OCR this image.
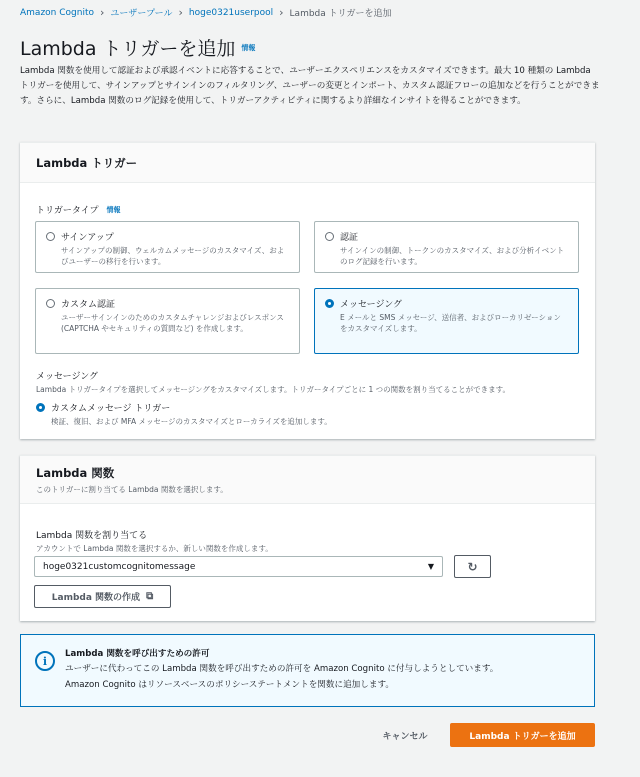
Amazon Cognito › ユーザープール › hoge0321userpool › Lambda トリガーを追加
Lambda トリガーを追加 情報
Lambda 関数を使用して認証および承認イベントに応答することで、ユーザーエクスペリエンスをカスタマイズできます。最大 10 種類の Lambda トリガーを使用して、サインアップとサインインのフィルタリング、ユーザーの変更とインポート、カスタム認証フローの追加などを行うことができます。さらに、Lambda 関数のログ記録を使用して、トリガーアクティビティに関するより詳細なインサイトを得ることができます。
Lambda トリガー
トリガータイプ 情報
サインアップ
サインアップの制御、ウェルカムメッセージのカスタマイズ、およびユーザーの移行を行います。
認証
サインインの制御、トークンのカスタマイズ、および分析イベントのログ記録を行います。
カスタム認証
ユーザーサインインのためのカスタムチャレンジおよびレスポンス (CAPTCHA やセキュリティの質問など) を作成します。
メッセージング
E メールと SMS メッセージ、送信者、およびローカリゼーションをカスタマイズします。
メッセージング
Lambda トリガータイプを選択してメッセージングをカスタマイズします。トリガータイプごとに 1 つの関数を割り当てることができます。
カスタムメッセージ トリガー
検証、復旧、および MFA メッセージのカスタマイズとローカライズを追加します。
Lambda 関数
このトリガーに割り当てる Lambda 関数を選択します。
Lambda 関数を割り当てる
アカウントで Lambda 関数を選択するか、新しい関数を作成します。
hoge0321customcognitomessage	▼	↻
Lambda 関数の作成 ⧉
i
Lambda 関数を呼び出すための許可
ユーザーに代わってこの Lambda 関数を呼び出すための許可を Amazon Cognito に付与しようとしています。
Amazon Cognito はリソースベースのポリシーステートメントを関数に追加します。
キャンセル	Lambda トリガーを追加
